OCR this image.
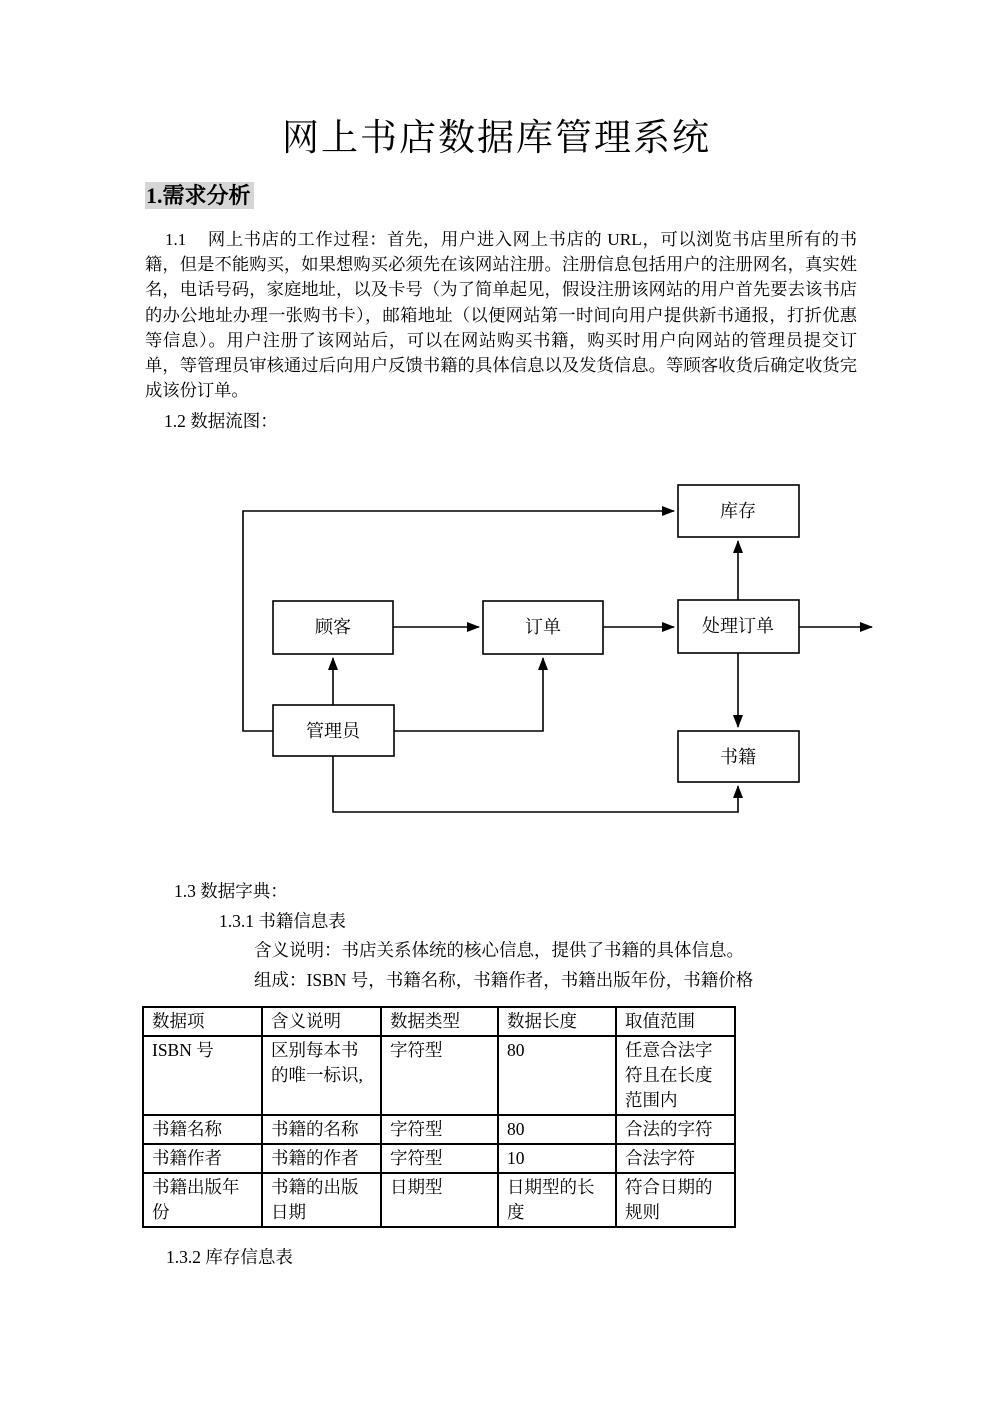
网上书店数据库管理系统
1.需求分析

1.1 网上书店的工作过程：首先，用户进入网上书店的 URL，可以浏览书店里所有的书籍，但是不能购买，如果想购买必须先在该网站注册。注册信息包括用户的注册网名，真实姓名，电话号码，家庭地址，以及卡号（为了简单起见，假设注册该网站的用户首先要去该书店的办公地址办理一张购书卡），邮箱地址（以便网站第一时间向用户提供新书通报，打折优惠等信息）。用户注册了该网站后，可以在网站购买书籍，购买时用户向网站的管理员提交订单，等管理员审核通过后向用户反馈书籍的具体信息以及发货信息。等顾客收货后确定收货完成该份订单。

1.2 数据流图：

库存
顾客	订单	处理订单
管理员
书籍

1.3 数据字典：

1.3.1 书籍信息表

含义说明：书店关系体统的核心信息，提供了书籍的具体信息。

组成：ISBN 号，书籍名称，书籍作者，书籍出版年份，书籍价格

数据项	含义说明	数据类型	数据长度	取值范围
ISBN 号	区别每本书的唯一标识,	字符型	80	任意合法字符且在长度范围内
书籍名称	书籍的名称	字符型	80	合法的字符
书籍作者	书籍的作者	字符型	10	合法字符
书籍出版年份	书籍的出版日期	日期型	日期型的长度	符合日期的规则

1.3.2 库存信息表
